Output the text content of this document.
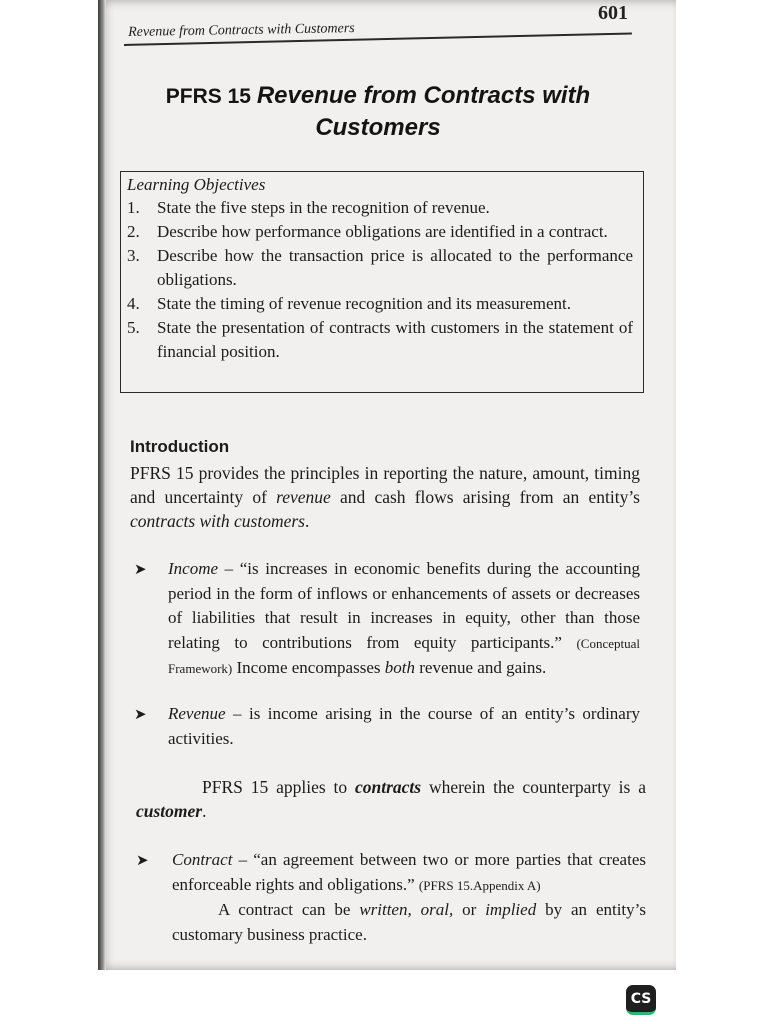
601
Revenue from Contracts with Customers
PFRS 15 Revenue from Contracts with Customers
Learning Objectives
1. State the five steps in the recognition of revenue.
2. Describe how performance obligations are identified in a contract.
3. Describe how the transaction price is allocated to the performance obligations.
4. State the timing of revenue recognition and its measurement.
5. State the presentation of contracts with customers in the statement of financial position.
Introduction
PFRS 15 provides the principles in reporting the nature, amount, timing and uncertainty of revenue and cash flows arising from an entity’s contracts with customers.
➤ Income – “is increases in economic benefits during the accounting period in the form of inflows or enhancements of assets or decreases of liabilities that result in increases in equity, other than those relating to contributions from equity participants.” (Conceptual Framework) Income encompasses both revenue and gains.
➤ Revenue – is income arising in the course of an entity’s ordinary activities.
PFRS 15 applies to contracts wherein the counterparty is a customer.
➤ Contract – “an agreement between two or more parties that creates enforceable rights and obligations.” (PFRS 15.Appendix A)
A contract can be written, oral, or implied by an entity’s customary business practice.
CS
